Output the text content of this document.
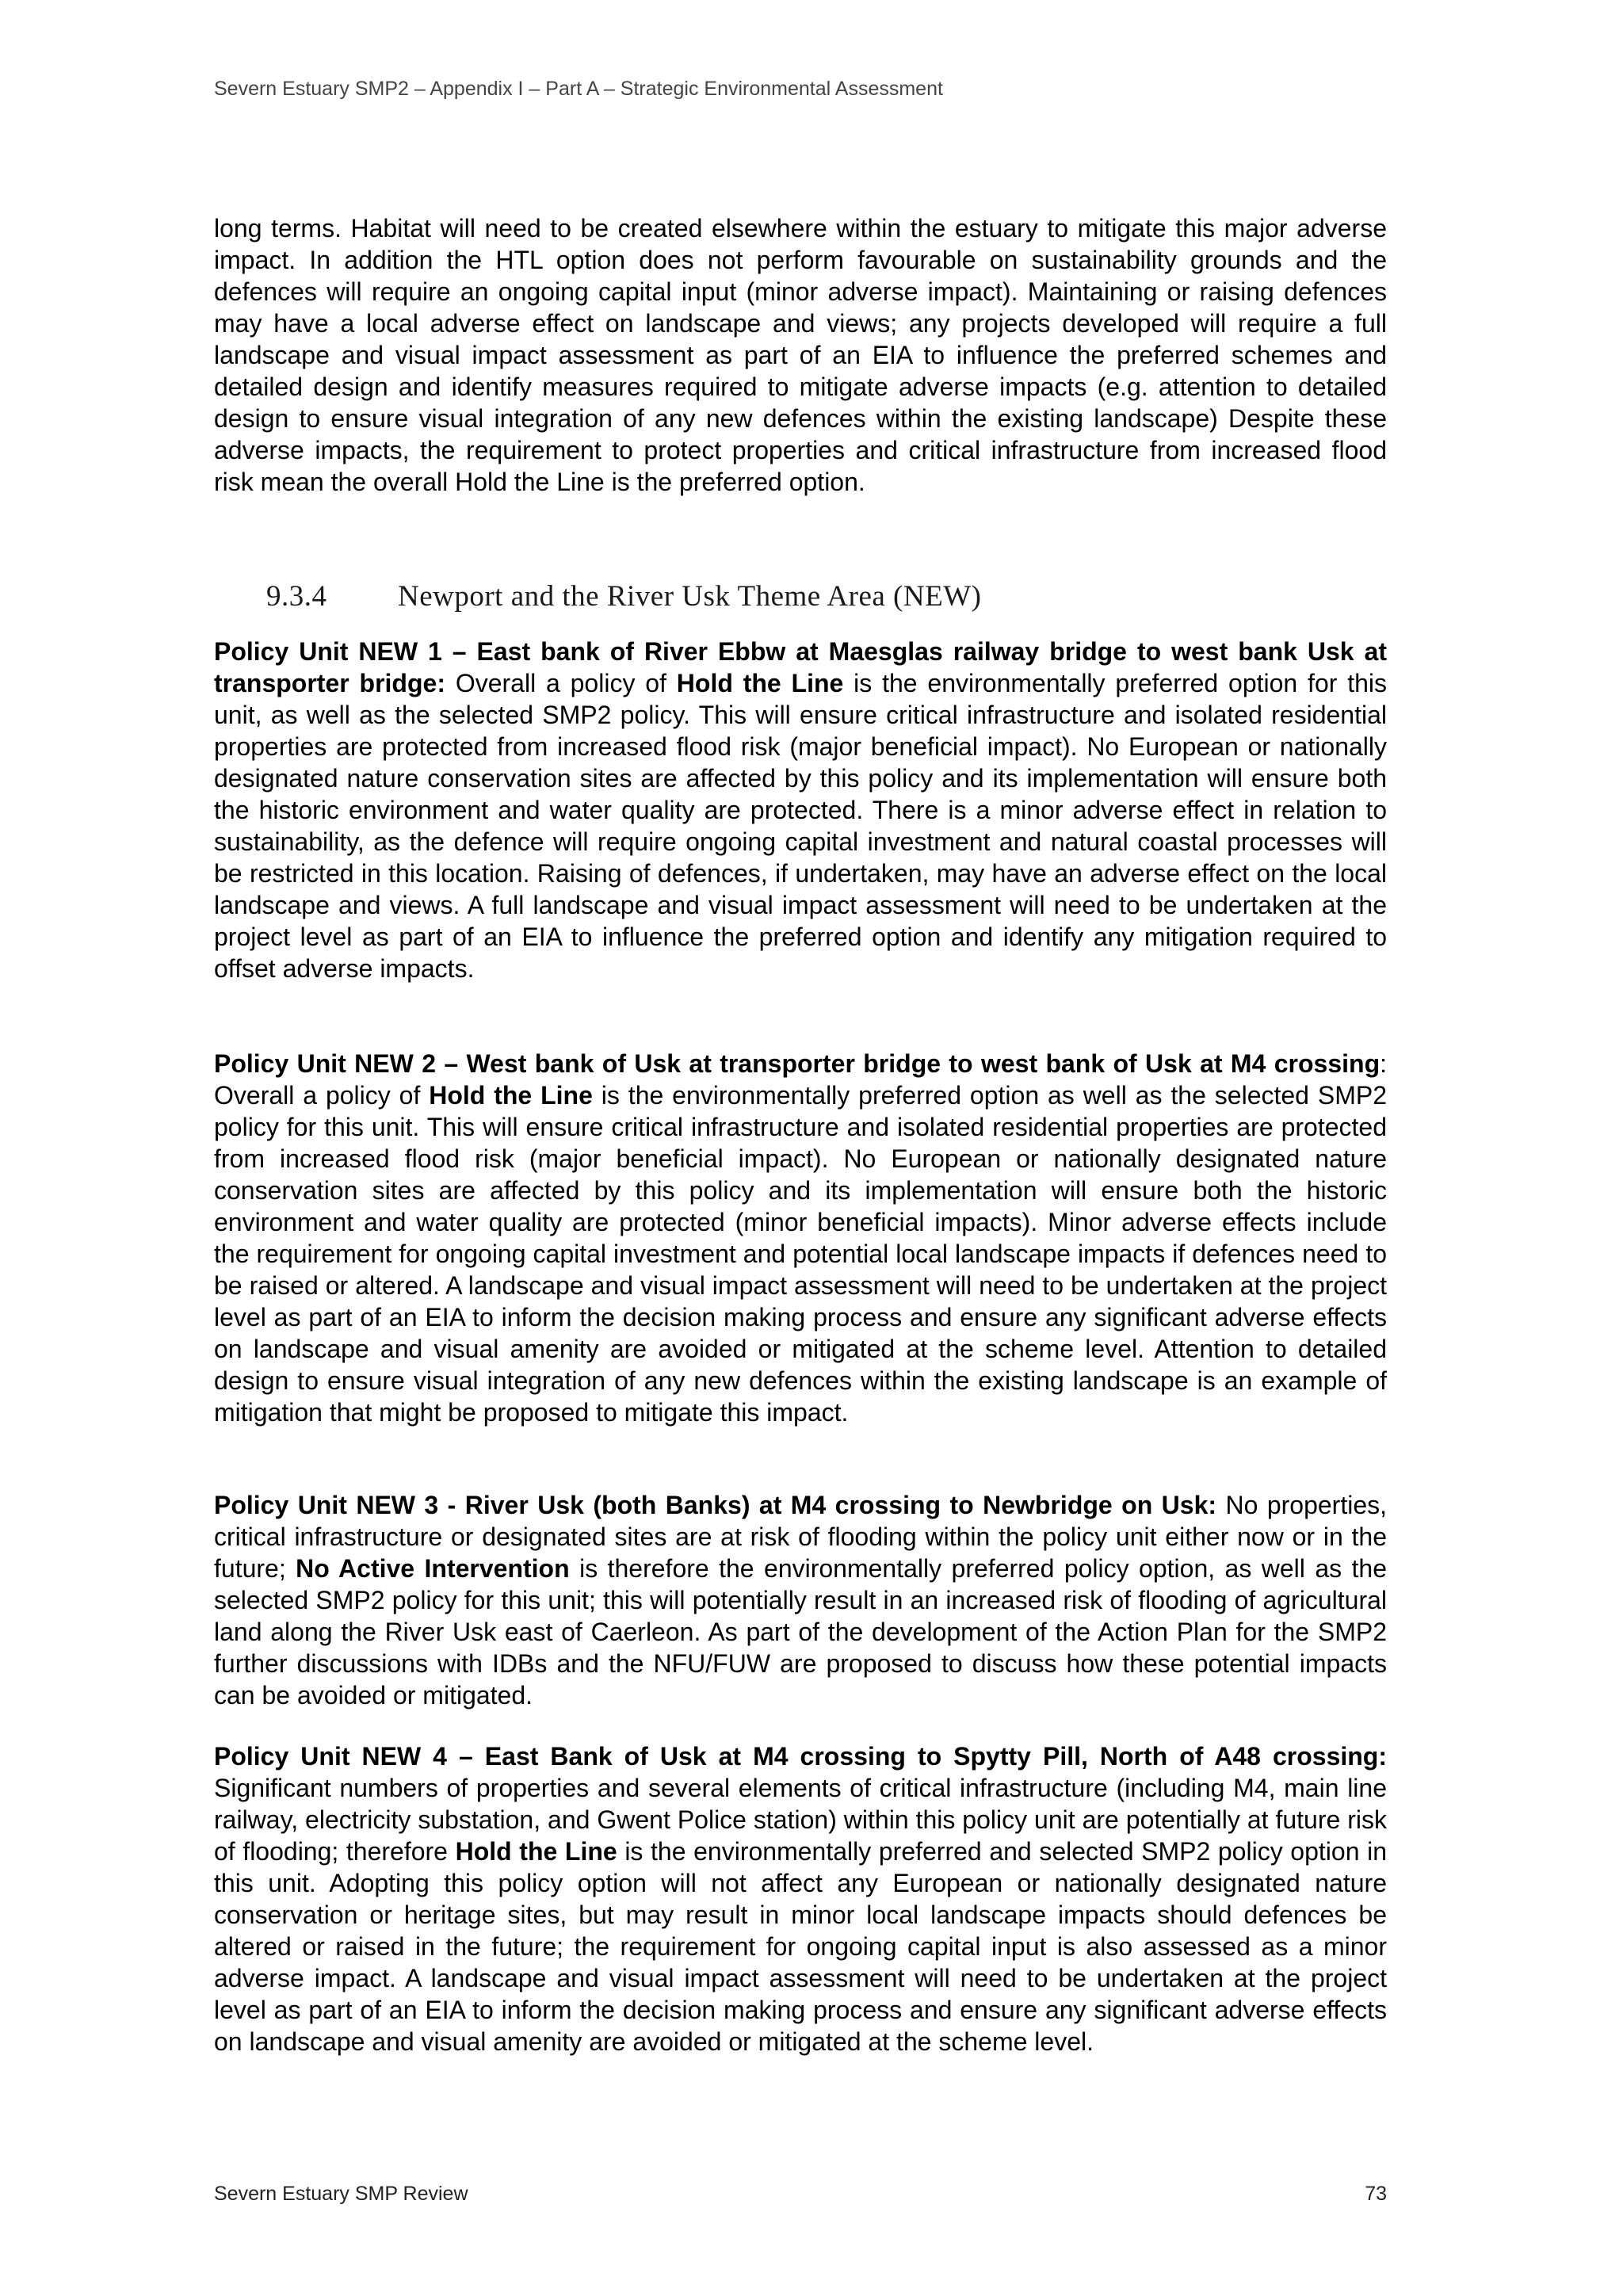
Severn Estuary SMP2 – Appendix I – Part A – Strategic Environmental Assessment

long terms. Habitat will need to be created elsewhere within the estuary to mitigate this major adverse impact. In addition the HTL option does not perform favourable on sustainability grounds and the defences will require an ongoing capital input (minor adverse impact). Maintaining or raising defences may have a local adverse effect on landscape and views; any projects developed will require a full landscape and visual impact assessment as part of an EIA to influence the preferred schemes and detailed design and identify measures required to mitigate adverse impacts (e.g. attention to detailed design to ensure visual integration of any new defences within the existing landscape) Despite these adverse impacts, the requirement to protect properties and critical infrastructure from increased flood risk mean the overall Hold the Line is the preferred option.

9.3.4 Newport and the River Usk Theme Area (NEW)

Policy Unit NEW 1 – East bank of River Ebbw at Maesglas railway bridge to west bank Usk at transporter bridge: Overall a policy of Hold the Line is the environmentally preferred option for this unit, as well as the selected SMP2 policy. This will ensure critical infrastructure and isolated residential properties are protected from increased flood risk (major beneficial impact). No European or nationally designated nature conservation sites are affected by this policy and its implementation will ensure both the historic environment and water quality are protected. There is a minor adverse effect in relation to sustainability, as the defence will require ongoing capital investment and natural coastal processes will be restricted in this location. Raising of defences, if undertaken, may have an adverse effect on the local landscape and views. A full landscape and visual impact assessment will need to be undertaken at the project level as part of an EIA to influence the preferred option and identify any mitigation required to offset adverse impacts.

Policy Unit NEW 2 – West bank of Usk at transporter bridge to west bank of Usk at M4 crossing: Overall a policy of Hold the Line is the environmentally preferred option as well as the selected SMP2 policy for this unit. This will ensure critical infrastructure and isolated residential properties are protected from increased flood risk (major beneficial impact). No European or nationally designated nature conservation sites are affected by this policy and its implementation will ensure both the historic environment and water quality are protected (minor beneficial impacts). Minor adverse effects include the requirement for ongoing capital investment and potential local landscape impacts if defences need to be raised or altered. A landscape and visual impact assessment will need to be undertaken at the project level as part of an EIA to inform the decision making process and ensure any significant adverse effects on landscape and visual amenity are avoided or mitigated at the scheme level. Attention to detailed design to ensure visual integration of any new defences within the existing landscape is an example of mitigation that might be proposed to mitigate this impact.

Policy Unit NEW 3 - River Usk (both Banks) at M4 crossing to Newbridge on Usk: No properties, critical infrastructure or designated sites are at risk of flooding within the policy unit either now or in the future; No Active Intervention is therefore the environmentally preferred policy option, as well as the selected SMP2 policy for this unit; this will potentially result in an increased risk of flooding of agricultural land along the River Usk east of Caerleon. As part of the development of the Action Plan for the SMP2 further discussions with IDBs and the NFU/FUW are proposed to discuss how these potential impacts can be avoided or mitigated.

Policy Unit NEW 4 – East Bank of Usk at M4 crossing to Spytty Pill, North of A48 crossing: Significant numbers of properties and several elements of critical infrastructure (including M4, main line railway, electricity substation, and Gwent Police station) within this policy unit are potentially at future risk of flooding; therefore Hold the Line is the environmentally preferred and selected SMP2 policy option in this unit. Adopting this policy option will not affect any European or nationally designated nature conservation or heritage sites, but may result in minor local landscape impacts should defences be altered or raised in the future; the requirement for ongoing capital input is also assessed as a minor adverse impact. A landscape and visual impact assessment will need to be undertaken at the project level as part of an EIA to inform the decision making process and ensure any significant adverse effects on landscape and visual amenity are avoided or mitigated at the scheme level.

Severn Estuary SMP Review	73
